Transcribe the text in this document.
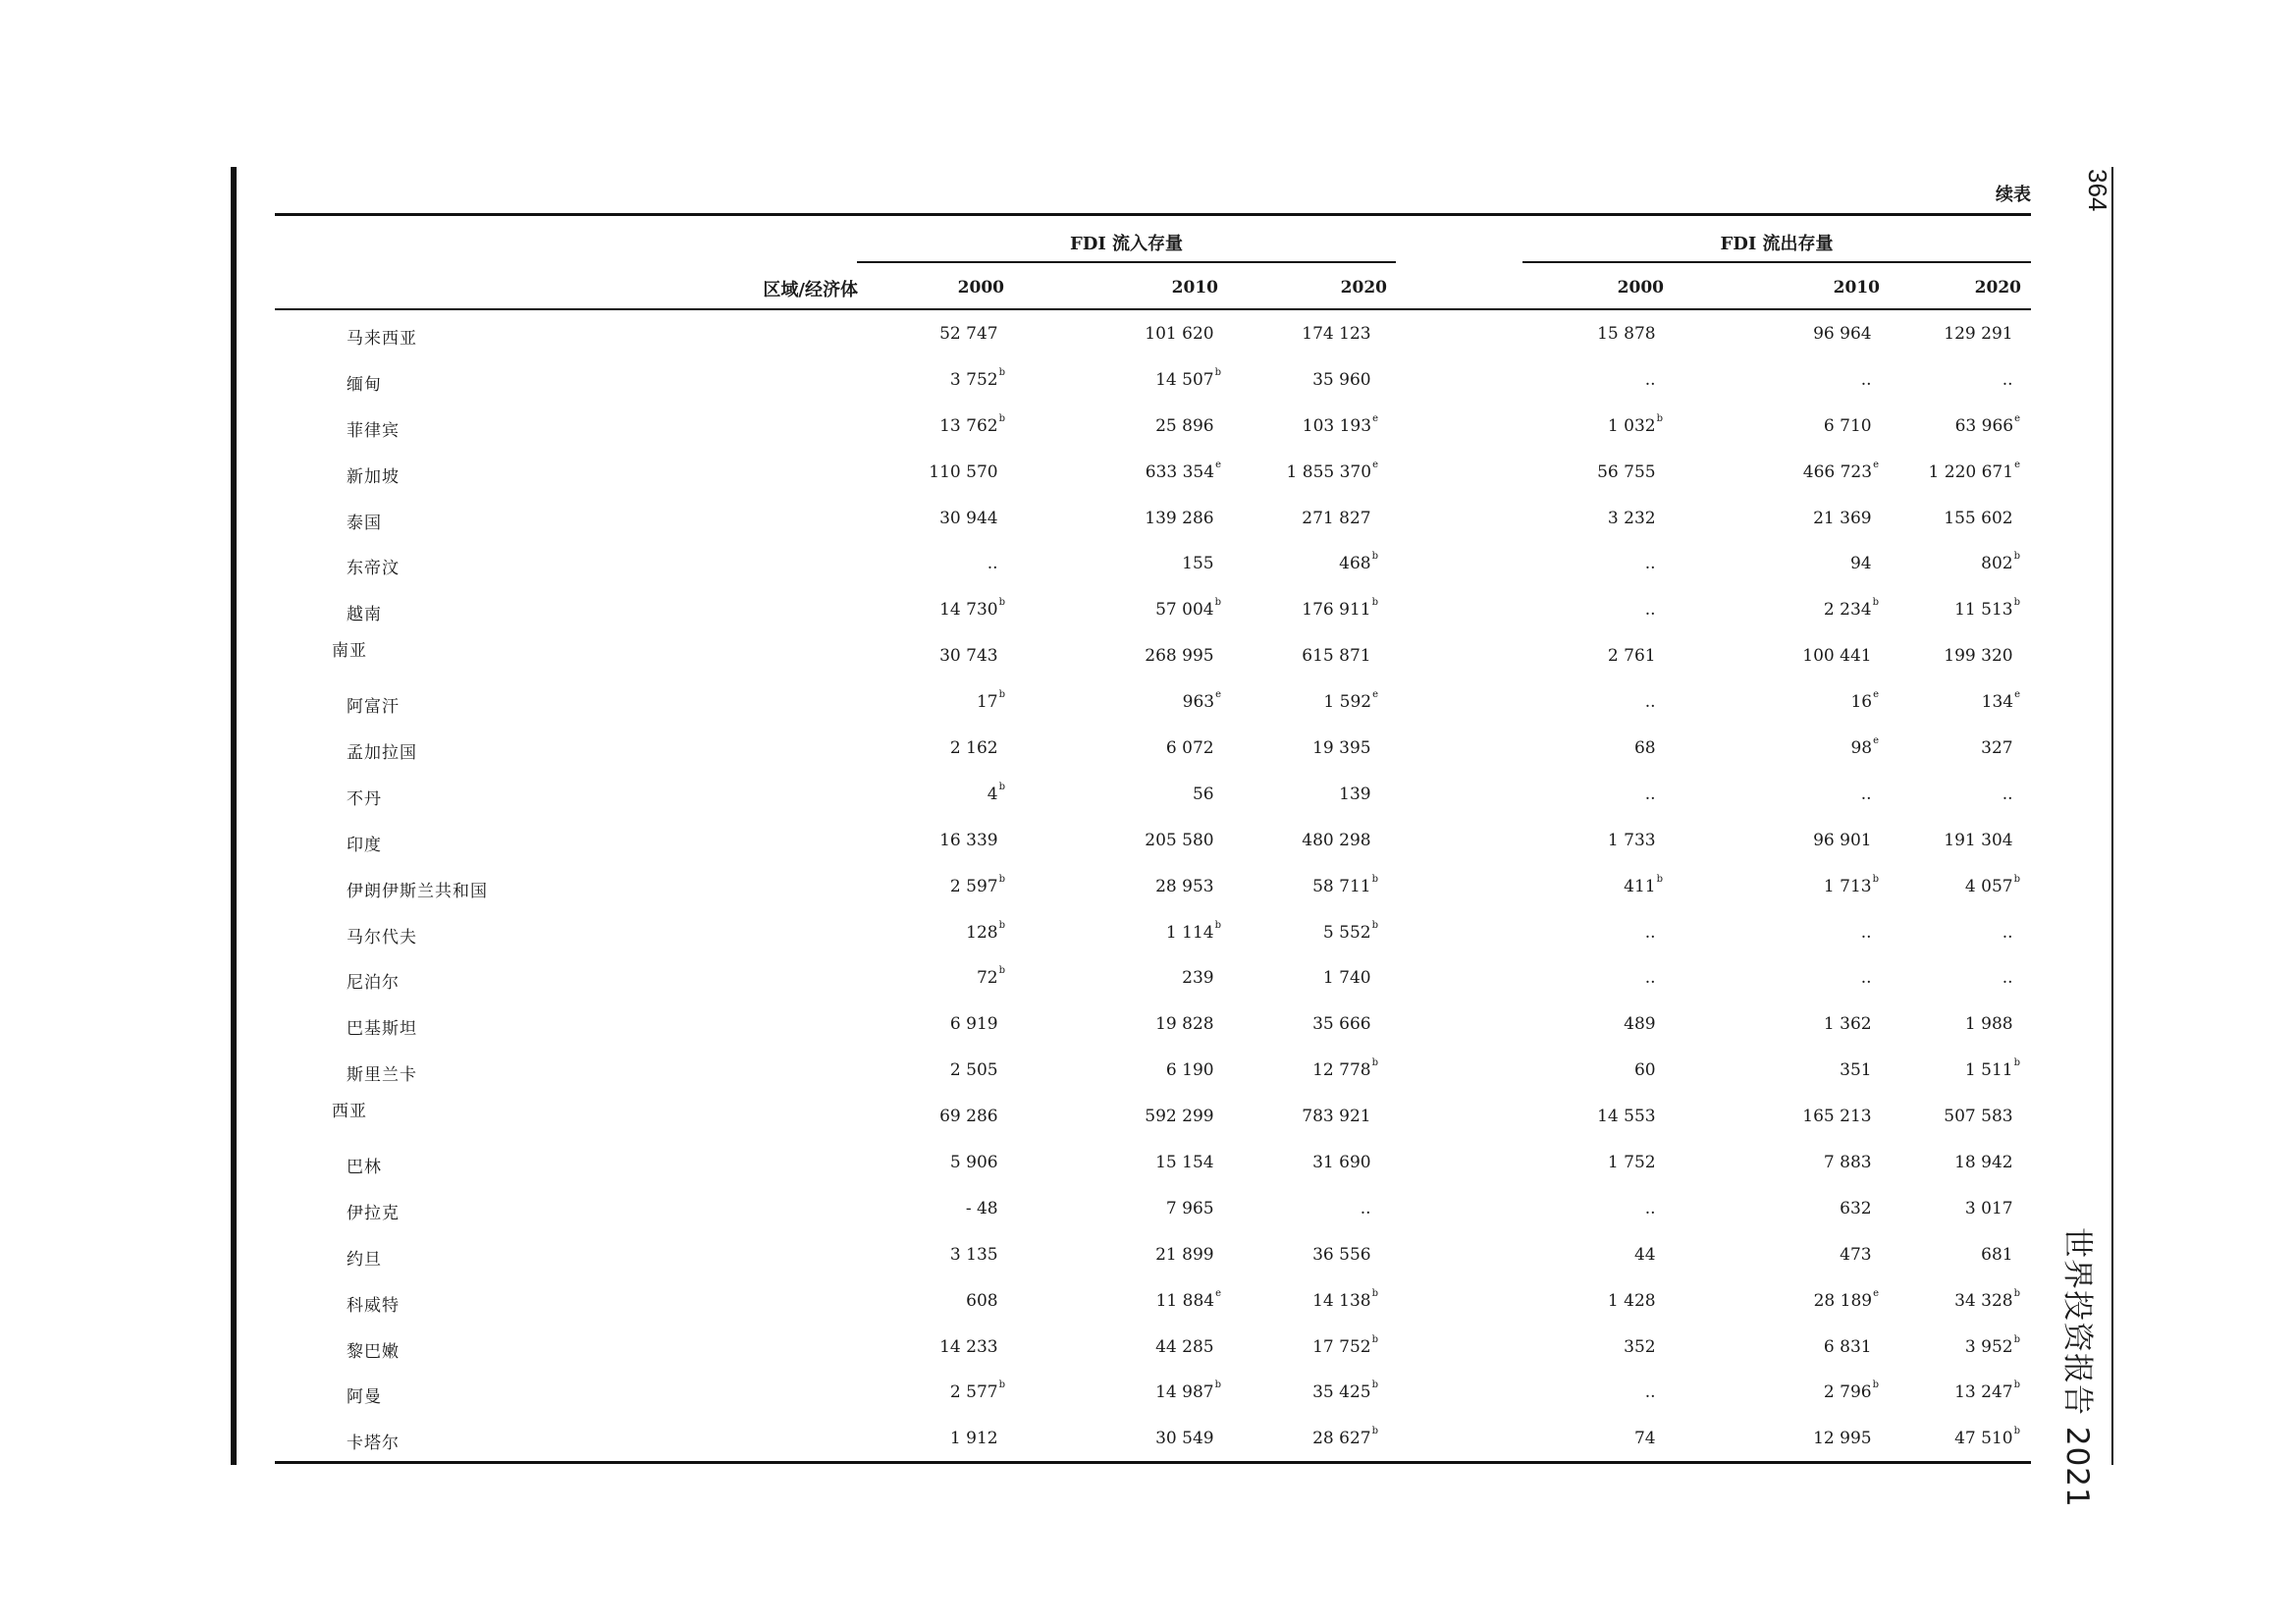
364
世界投资报告 2021
续表
FDI 流入存量	FDI 流出存量
区域/经济体	2000	2010	2020	2000	2010	2020
马来西亚	52 747	101 620	174 123	15 878	96 964	129 291
缅甸	3 752$^b$	14 507$^b$	35 960	..	..	..
菲律宾	13 762$^b$	25 896	103 193e	1 032$^b$	6 710	63 966e
新加坡	110 570	633 354e	1 855 370e	56 755	466 723e	1 220 671e
泰国	30 944	139 286	271 827	3 232	21 369	155 602
东帝汶	..	155	468$^b$	..	94	802$^b$
越南	14 730$^b$	57 004$^b$	176 911$^b$	..	2 234$^b$	11 513$^b$
南亚	30 743	268 995	615 871	2 761	100 441	199 320
阿富汗	17$^b$	963e	1 592e	..	16e	134e
孟加拉国	2 162	6 072	19 395	68	98e	327
不丹	4$^b$	56	139	..	..	..
印度	16 339	205 580	480 298	1 733	96 901	191 304
伊朗伊斯兰共和国	2 597$^b$	28 953	58 711$^b$	411$^b$	1 713$^b$	4 057$^b$
马尔代夫	128$^b$	1 114$^b$	5 552$^b$	..	..	..
尼泊尔	72$^b$	239	1 740	..	..	..
巴基斯坦	6 919	19 828	35 666	489	1 362	1 988
斯里兰卡	2 505	6 190	12 778$^b$	60	351	1 511$^b$
西亚	69 286	592 299	783 921	14 553	165 213	507 583
巴林	5 906	15 154	31 690	1 752	7 883	18 942
伊拉克	- 48	7 965	..	..	632	3 017
约旦	3 135	21 899	36 556	44	473	681
科威特	608	11 884e	14 138$^b$	1 428	28 189e	34 328$^b$
黎巴嫩	14 233	44 285	17 752$^b$	352	6 831	3 952$^b$
阿曼	2 577$^b$	14 987$^b$	35 425$^b$	..	2 796$^b$	13 247$^b$
卡塔尔	1 912	30 549	28 627$^b$	74	12 995	47 510$^b$
